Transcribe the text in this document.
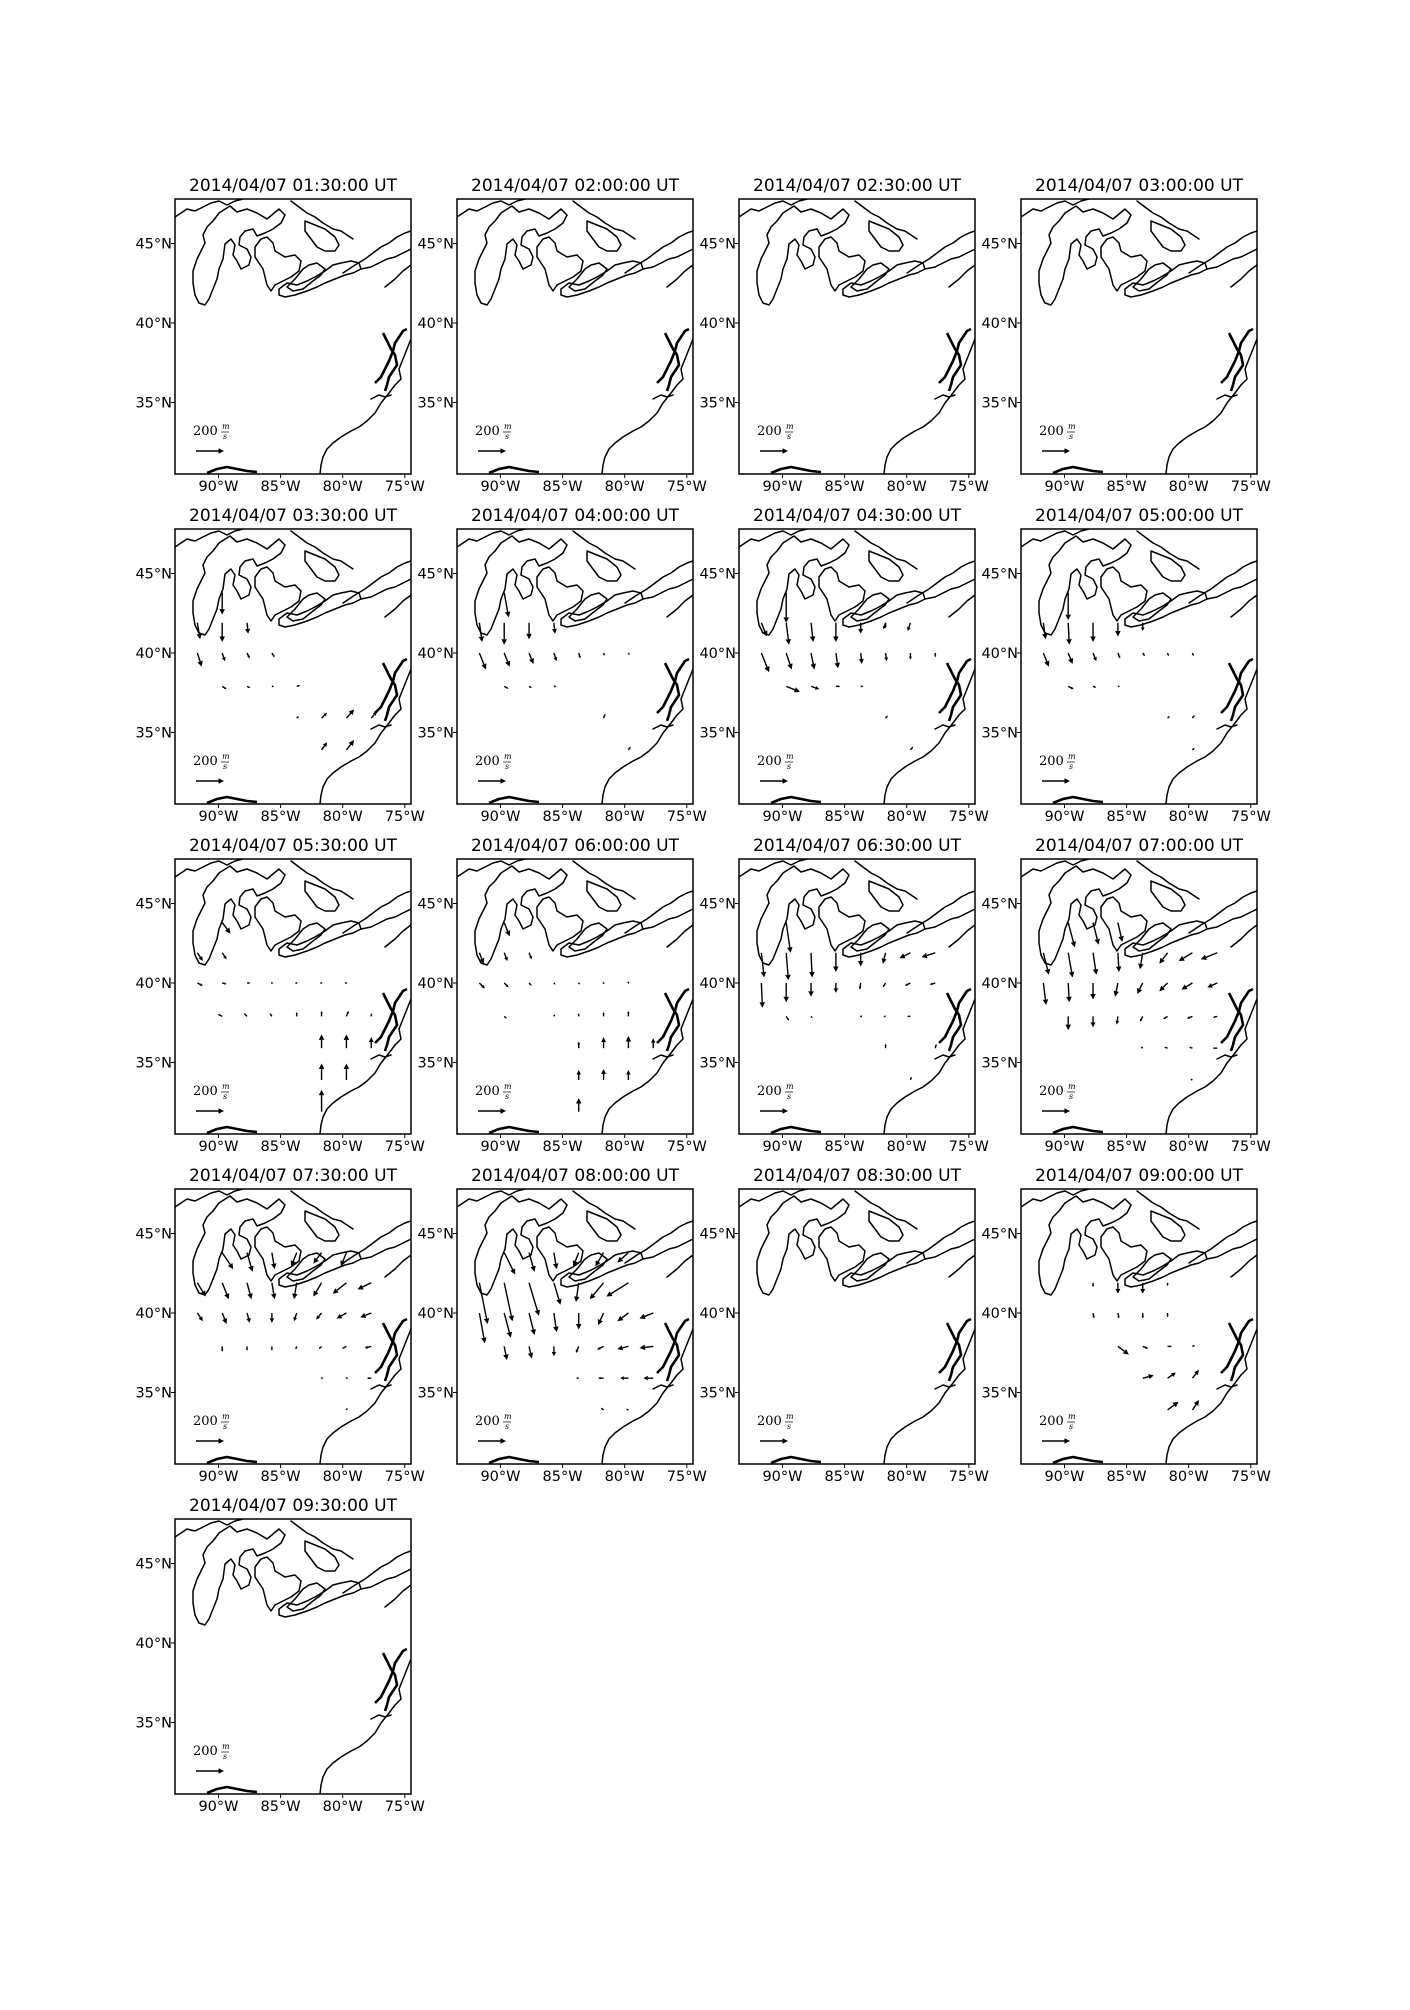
2014/04/07 01:30:00 UT
200 m
s
90°W 85°W 80°W 75°W
45°N
40°N
35°N
2014/04/07 02:00:00 UT
200 m
s
90°W 85°W 80°W 75°W
45°N
40°N
35°N
2014/04/07 02:30:00 UT
200 m
s
90°W 85°W 80°W 75°W
45°N
40°N
35°N
2014/04/07 03:00:00 UT
200 m
s
90°W 85°W 80°W 75°W
45°N
40°N
35°N
2014/04/07 03:30:00 UT
200 m
s
90°W 85°W 80°W 75°W
45°N
40°N
35°N
2014/04/07 04:00:00 UT
200 m
s
90°W 85°W 80°W 75°W
45°N
40°N
35°N
2014/04/07 04:30:00 UT
200 m
s
90°W 85°W 80°W 75°W
45°N
40°N
35°N
2014/04/07 05:00:00 UT
200 m
s
90°W 85°W 80°W 75°W
45°N
40°N
35°N
2014/04/07 05:30:00 UT
200 m
s
90°W 85°W 80°W 75°W
45°N
40°N
35°N
2014/04/07 06:00:00 UT
200 m
s
90°W 85°W 80°W 75°W
45°N
40°N
35°N
2014/04/07 06:30:00 UT
200 m
s
90°W 85°W 80°W 75°W
45°N
40°N
35°N
2014/04/07 07:00:00 UT
200 m
s
90°W 85°W 80°W 75°W
45°N
40°N
35°N
2014/04/07 07:30:00 UT
200 m
s
90°W 85°W 80°W 75°W
45°N
40°N
35°N
2014/04/07 08:00:00 UT
200 m
s
90°W 85°W 80°W 75°W
45°N
40°N
35°N
2014/04/07 08:30:00 UT
200 m
s
90°W 85°W 80°W 75°W
45°N
40°N
35°N
2014/04/07 09:00:00 UT
200 m
s
90°W 85°W 80°W 75°W
45°N
40°N
35°N
2014/04/07 09:30:00 UT
200 m
s
90°W 85°W 80°W 75°W
45°N
40°N
35°N
